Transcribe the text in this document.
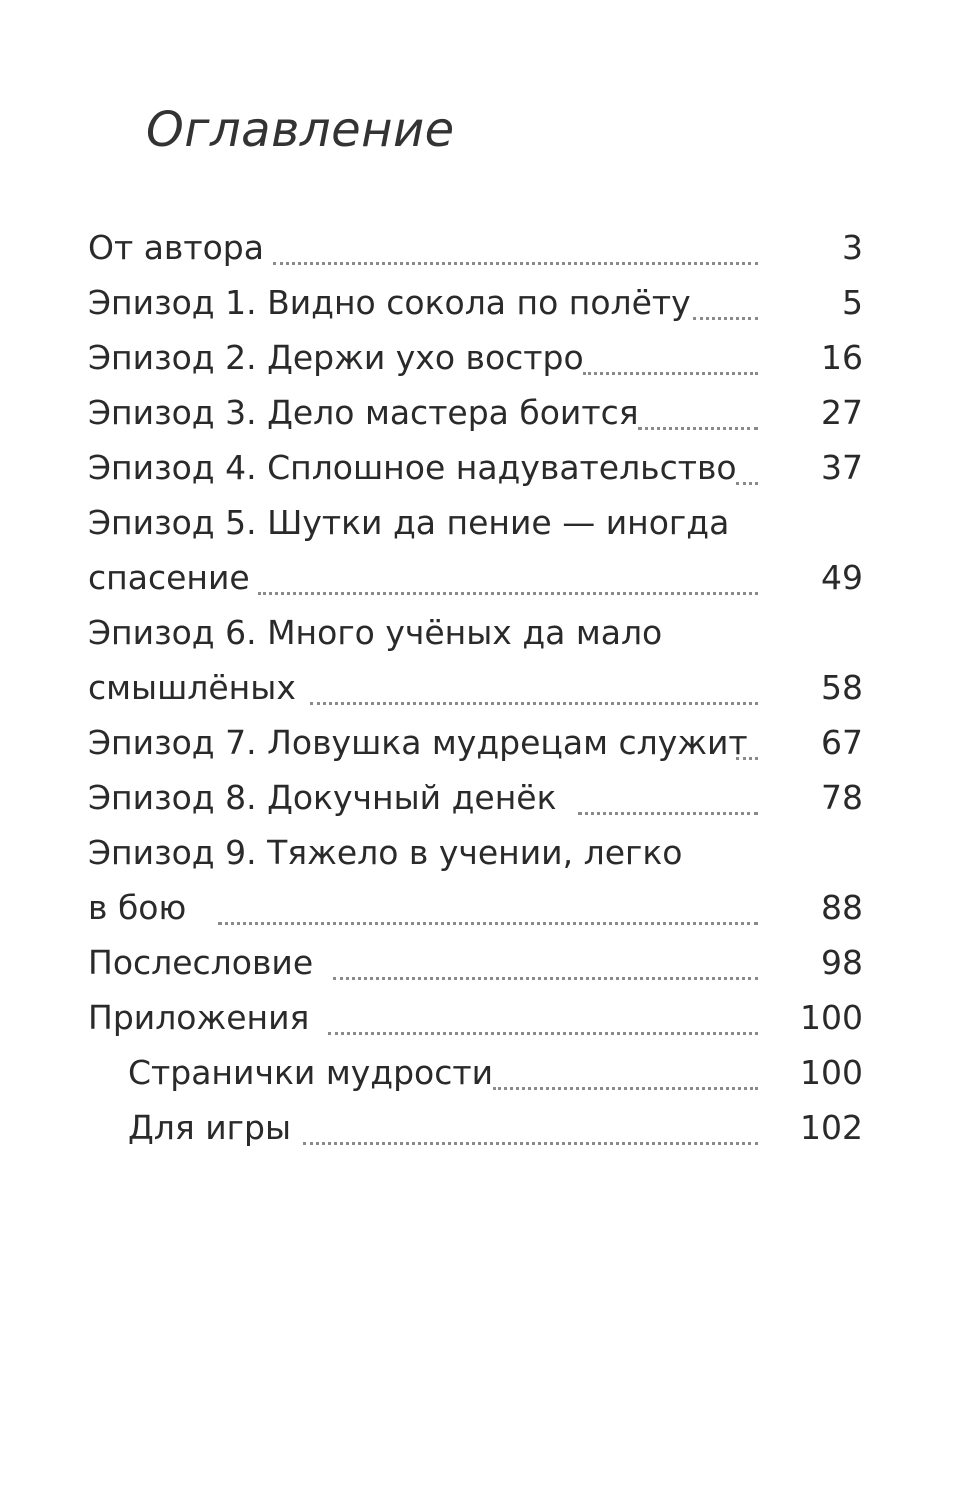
Оглавление
От автора	3
Эпизод 1. Видно сокола по полёту	5
Эпизод 2. Держи ухо востро	16
Эпизод 3. Дело мастера боится	27
Эпизод 4. Сплошное надувательство	37
Эпизод 5. Шутки да пение — иногда
спасение	49
Эпизод 6. Много учёных да мало
смышлёных	58
Эпизод 7. Ловушка мудрецам служит 67
Эпизод 8. Докучный денёк	78
Эпизод 9. Тяжело в учении, легко
в бою	88
Послесловие	98
Приложения	100
Странички мудрости	100
Для игры	102
